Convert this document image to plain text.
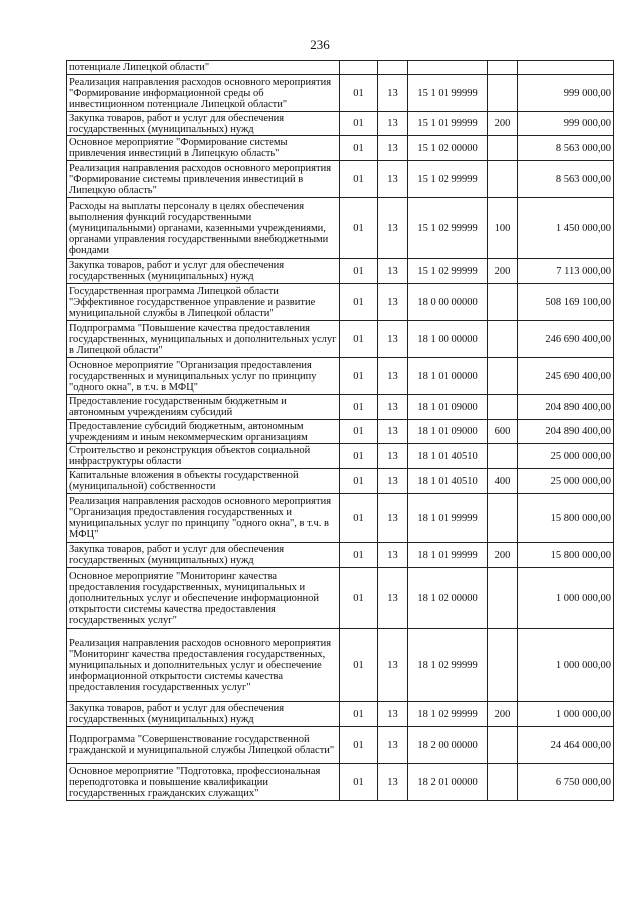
236
потенциале Липецкой области"					
Реализация направления расходов основного мероприятия "Формирование информационной среды об инвестиционном потенциале Липецкой области"	01	13	15 1 01 99999		999 000,00
Закупка товаров, работ и услуг для обеспечения государственных (муниципальных) нужд	01	13	15 1 01 99999	200	999 000,00
Основное мероприятие "Формирование системы привлечения инвестиций в Липецкую область"	01	13	15 1 02 00000		8 563 000,00
Реализация направления расходов основного мероприятия "Формирование системы привлечения инвестиций в Липецкую область"	01	13	15 1 02 99999		8 563 000,00
Расходы на выплаты персоналу в целях обеспечения выполнения функций государственными (муниципальными) органами, казенными учреждениями, органами управления государственными внебюджетными фондами	01	13	15 1 02 99999	100	1 450 000,00
Закупка товаров, работ и услуг для обеспечения государственных (муниципальных) нужд	01	13	15 1 02 99999	200	7 113 000,00
Государственная программа Липецкой области "Эффективное государственное управление и развитие муниципальной службы в Липецкой области"	01	13	18 0 00 00000		508 169 100,00
Подпрограмма "Повышение качества предоставления государственных, муниципальных и дополнительных услуг в Липецкой области"	01	13	18 1 00 00000		246 690 400,00
Основное мероприятие "Организация предоставления государственных и муниципальных услуг по принципу "одного окна", в т.ч. в МФЦ"	01	13	18 1 01 00000		245 690 400,00
Предоставление государственным бюджетным и автономным учреждениям субсидий	01	13	18 1 01 09000		204 890 400,00
Предоставление субсидий бюджетным, автономным учреждениям и иным некоммерческим организациям	01	13	18 1 01 09000	600	204 890 400,00
Строительство и реконструкция объектов социальной инфраструктуры области	01	13	18 1 01 40510		25 000 000,00
Капитальные вложения в объекты государственной (муниципальной) собственности	01	13	18 1 01 40510	400	25 000 000,00
Реализация направления расходов основного мероприятия "Организация предоставления государственных и муниципальных услуг по принципу "одного окна", в т.ч. в МФЦ"	01	13	18 1 01 99999		15 800 000,00
Закупка товаров, работ и услуг для обеспечения государственных (муниципальных) нужд	01	13	18 1 01 99999	200	15 800 000,00
Основное мероприятие "Мониторинг качества предоставления государственных, муниципальных и дополнительных услуг и обеспечение информационной открытости системы качества предоставления государственных услуг"	01	13	18 1 02 00000		1 000 000,00
Реализация направления расходов основного мероприятия "Мониторинг качества предоставления государственных, муниципальных и дополнительных услуг и обеспечение информационной открытости системы качества предоставления государственных услуг"	01	13	18 1 02 99999		1 000 000,00
Закупка товаров, работ и услуг для обеспечения государственных (муниципальных) нужд	01	13	18 1 02 99999	200	1 000 000,00
Подпрограмма "Совершенствование государственной гражданской и муниципальной службы Липецкой области"	01	13	18 2 00 00000		24 464 000,00
Основное мероприятие "Подготовка, профессиональная переподготовка и повышение квалификации государственных гражданских служащих"	01	13	18 2 01 00000		6 750 000,00
